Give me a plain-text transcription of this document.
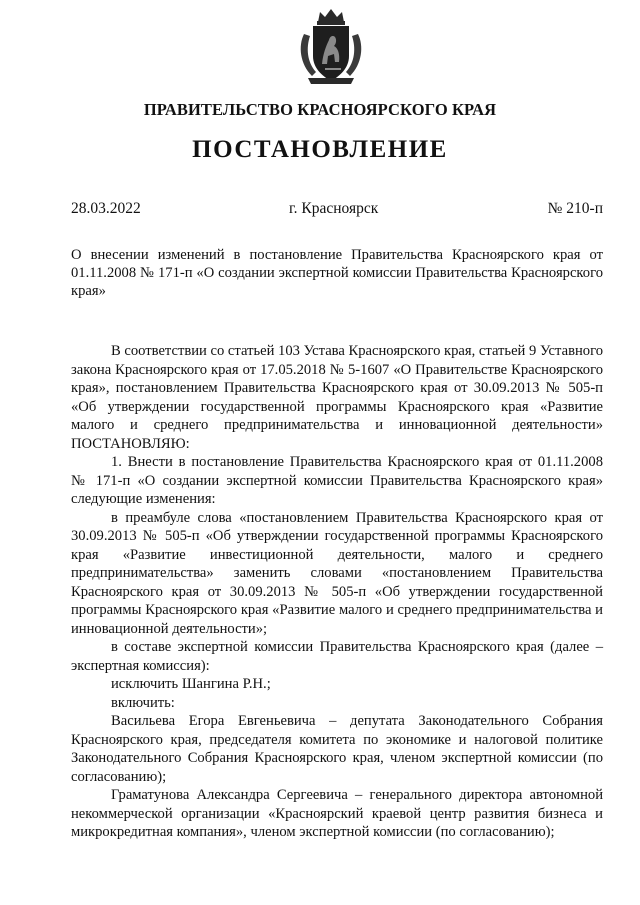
ПРАВИТЕЛЬСТВО КРАСНОЯРСКОГО КРАЯ
ПОСТАНОВЛЕНИЕ
28.03.2022	г. Красноярск	№ 210-п
О внесении изменений в постановление Правительства Красноярского края от 01.11.2008 № 171-п «О создании экспертной комиссии Правительства Красноярского края»

В соответствии со статьей 103 Устава Красноярского края, статьей 9 Уставного закона Красноярского края от 17.05.2018 № 5-1607 «О Правительстве Красноярского края», постановлением Правительства Красноярского края от 30.09.2013 № 505-п «Об утверждении государственной программы Красноярского края «Развитие малого и среднего предпринимательства и инновационной деятельности» ПОСТАНОВЛЯЮ:

1. Внести в постановление Правительства Красноярского края от 01.11.2008 № 171-п «О создании экспертной комиссии Правительства Красноярского края» следующие изменения:

в преамбуле слова «постановлением Правительства Красноярского края от 30.09.2013 № 505-п «Об утверждении государственной программы Красноярского края «Развитие инвестиционной деятельности, малого и среднего предпринимательства» заменить словами «постановлением Правительства Красноярского края от 30.09.2013 № 505-п «Об утверждении государственной программы Красноярского края «Развитие малого и среднего предпринимательства и инновационной деятельности»;

в составе экспертной комиссии Правительства Красноярского края (далее – экспертная комиссия):

исключить Шангина Р.Н.;

включить:

Васильева Егора Евгеньевича – депутата Законодательного Собрания Красноярского края, председателя комитета по экономике и налоговой политике Законодательного Собрания Красноярского края, членом экспертной комиссии (по согласованию);

Граматунова Александра Сергеевича – генерального директора автономной некоммерческой организации «Красноярский краевой центр развития бизнеса и микрокредитная компания», членом экспертной комиссии (по согласованию);
